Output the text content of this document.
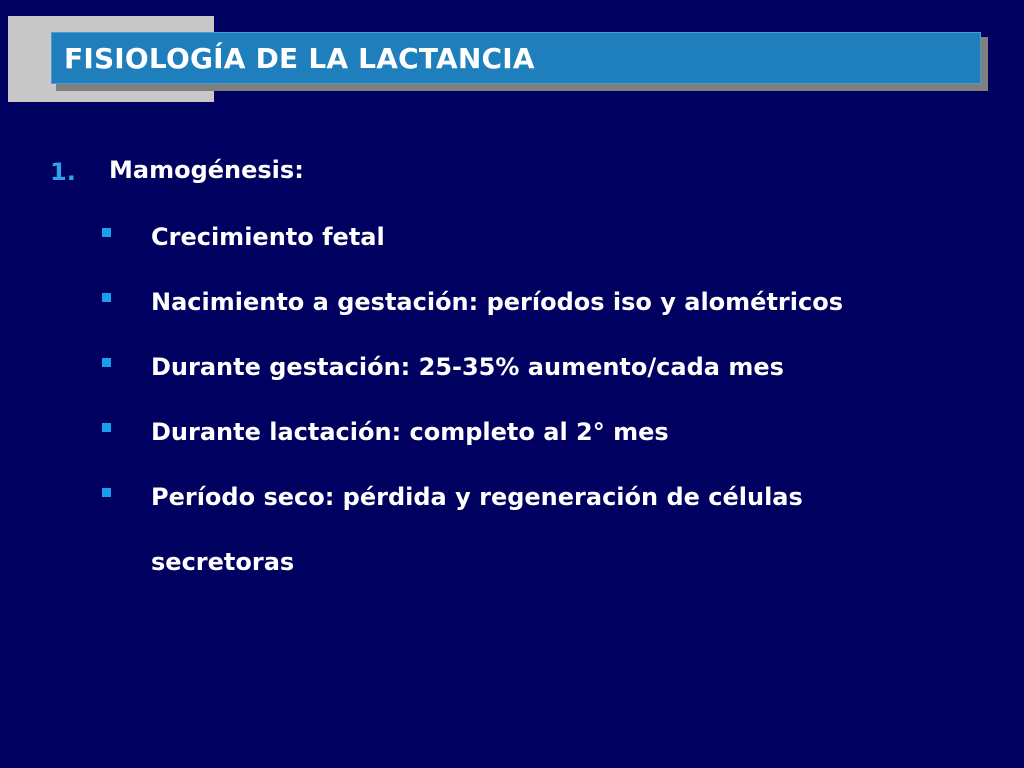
FISIOLOGÍA DE LA LACTANCIA
1. Mamogénesis:
Crecimiento fetal
Nacimiento a gestación: períodos iso y alométricos
Durante gestación: 25-35% aumento/cada mes
Durante lactación: completo al 2° mes
Período seco: pérdida y regeneración de células
secretoras
